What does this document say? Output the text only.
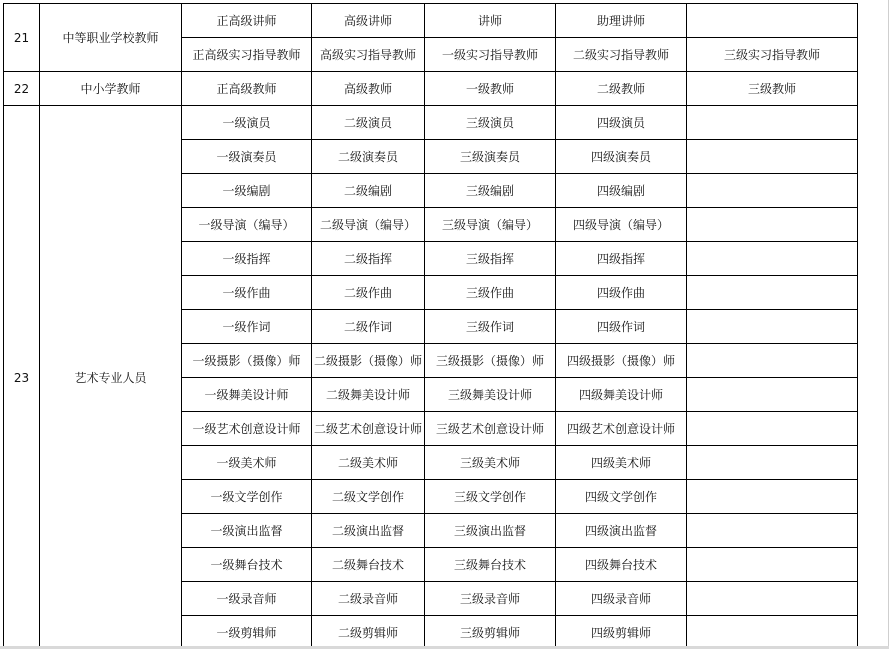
21	中等职业学校教师	正高级讲师	高级讲师	讲师	助理讲师	
		正高级实习指导教师	高级实习指导教师	一级实习指导教师	二级实习指导教师	三级实习指导教师
22	中小学教师	正高级教师	高级教师	一级教师	二级教师	三级教师
23	艺术专业人员	一级演员	二级演员	三级演员	四级演员	
		一级演奏员	二级演奏员	三级演奏员	四级演奏员	
		一级编剧	二级编剧	三级编剧	四级编剧	
		一级导演（编导）	二级导演（编导）	三级导演（编导）	四级导演（编导）	
		一级指挥	二级指挥	三级指挥	四级指挥	
		一级作曲	二级作曲	三级作曲	四级作曲	
		一级作词	二级作词	三级作词	四级作词	
		一级摄影（摄像）师	二级摄影（摄像）师	三级摄影（摄像）师	四级摄影（摄像）师	
		一级舞美设计师	二级舞美设计师	三级舞美设计师	四级舞美设计师	
		一级艺术创意设计师	二级艺术创意设计师	三级艺术创意设计师	四级艺术创意设计师	
		一级美术师	二级美术师	三级美术师	四级美术师	
		一级文学创作	二级文学创作	三级文学创作	四级文学创作	
		一级演出监督	二级演出监督	三级演出监督	四级演出监督	
		一级舞台技术	二级舞台技术	三级舞台技术	四级舞台技术	
		一级录音师	二级录音师	三级录音师	四级录音师	
		一级剪辑师	二级剪辑师	三级剪辑师	四级剪辑师	
